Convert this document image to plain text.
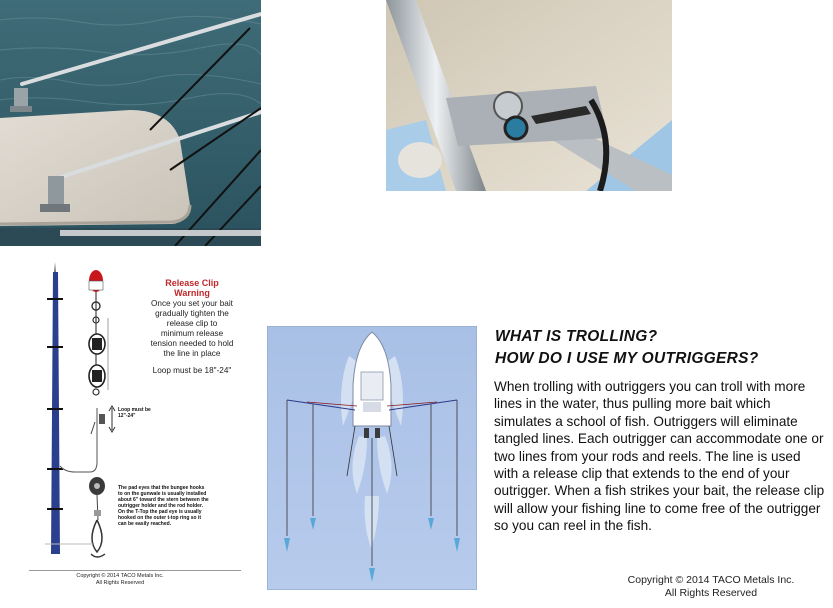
Release Clip Warning
Once you set your bait gradually tighten the release clip to minimum release tension needed to hold the line in place
Loop must be 18"-24"
Loop must be 12"-24"
The pad eyes that the bungee hooks to on the gunwale is usually installed about 6" toward the stern between the outrigger holder and the rod holder. On the T-Top the pad eye is usually hooked on the outer t-top ring so it can be easily reached.
Copyright © 2014 TACO Metals Inc.
All Rights Reserved
WHAT IS TROLLING?
HOW DO I USE MY OUTRIGGERS?
When trolling with outriggers you can troll with more lines in the water, thus pulling more bait which simulates a school of fish. Outriggers will eliminate tangled lines. Each outrigger can accommodate one or two lines from your rods and reels. The line is used with a release clip that extends to the end of your outrigger. When a fish strikes your bait, the release clip will allow your fishing line to come free of the outrigger so you can reel in the fish.
Copyright © 2014 TACO Metals Inc.
All Rights Reserved
